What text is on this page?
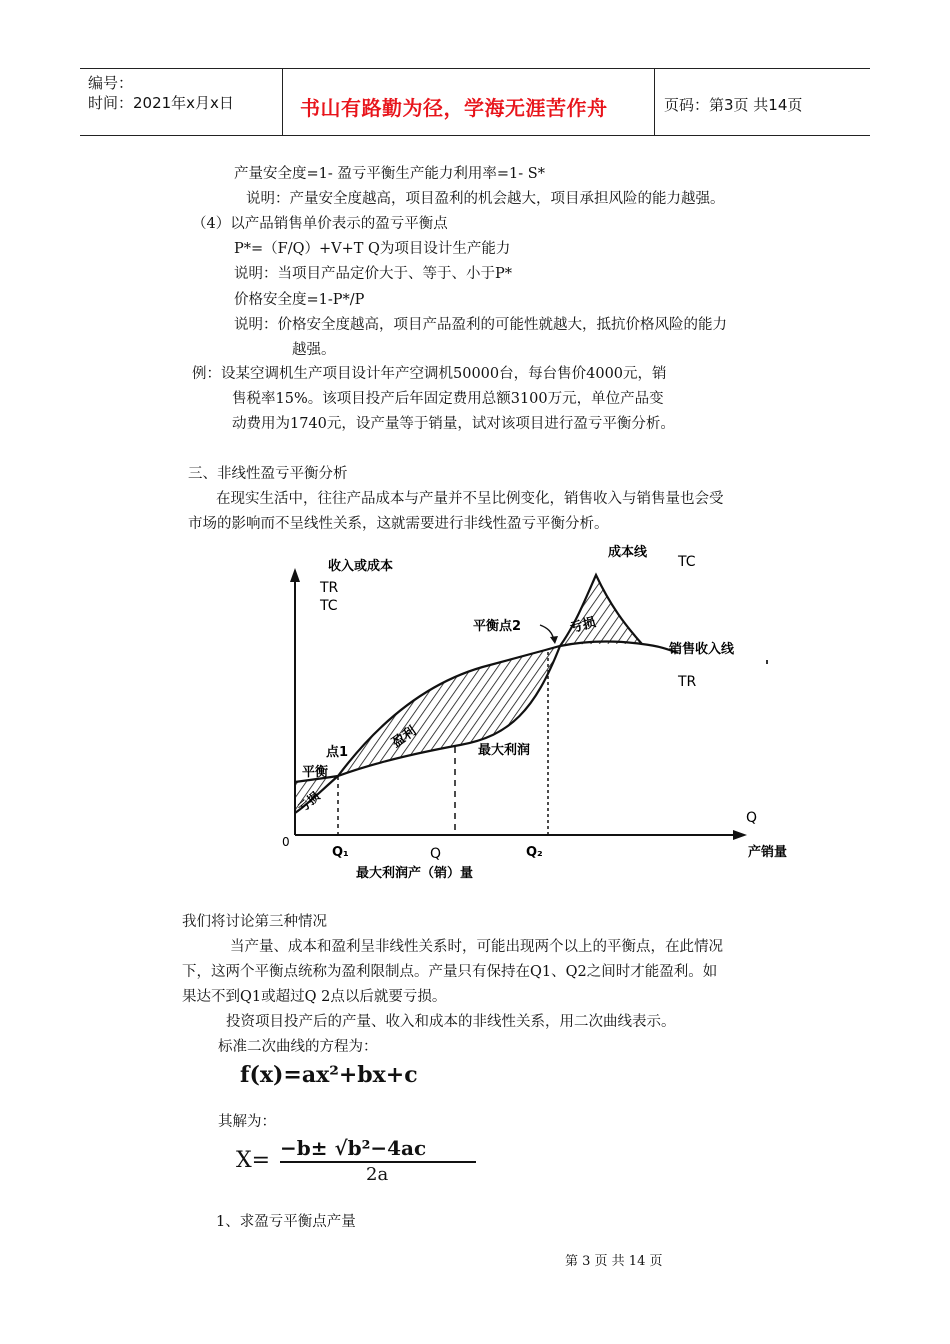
编号：
时间：2021年x月x日	书山有路勤为径，学海无涯苦作舟	页码：第3页 共14页
产量安全度=1- 盈亏平衡生产能力利用率=1- S*
说明：产量安全度越高，项目盈利的机会越大，项目承担风险的能力越强。
（4）以产品销售单价表示的盈亏平衡点
P*=（F/Q）+V+T Q为项目设计生产能力
说明：当项目产品定价大于、等于、小于P*
价格安全度=1-P*/P
说明：价格安全度越高，项目产品盈利的可能性就越大，抵抗价格风险的能力
越强。
例：设某空调机生产项目设计年产空调机50000台，每台售价4000元，销
售税率15%。该项目投产后年固定费用总额3100万元，单位产品变
动费用为1740元，设产量等于销量，试对该项目进行盈亏平衡分析。
三、非线性盈亏平衡分析
在现实生活中，往往产品成本与产量并不呈比例变化，销售收入与销售量也会受
市场的影响而不呈线性关系，这就需要进行非线性盈亏平衡分析。
收入或成本
TR
TC
成本线
TC
平衡点2	亏损
销售收入线
TR
盈利	最大利润
点1
平衡
亏损
0
Q
Q₁	Q	Q₂	产销量
最大利润产（销）量
我们将讨论第三种情况
当产量、成本和盈利呈非线性关系时，可能出现两个以上的平衡点，在此情况
下，这两个平衡点统称为盈利限制点。产量只有保持在Q1、Q2之间时才能盈利。如
果达不到Q1或超过Q 2点以后就要亏损。
投资项目投产后的产量、收入和成本的非线性关系，用二次曲线表示。
标准二次曲线的方程为：
f(x)=ax²+bx+c
其解为：
X= −b± √b²−4ac
2a
1、求盈亏平衡点产量
第 3 页 共 14 页
